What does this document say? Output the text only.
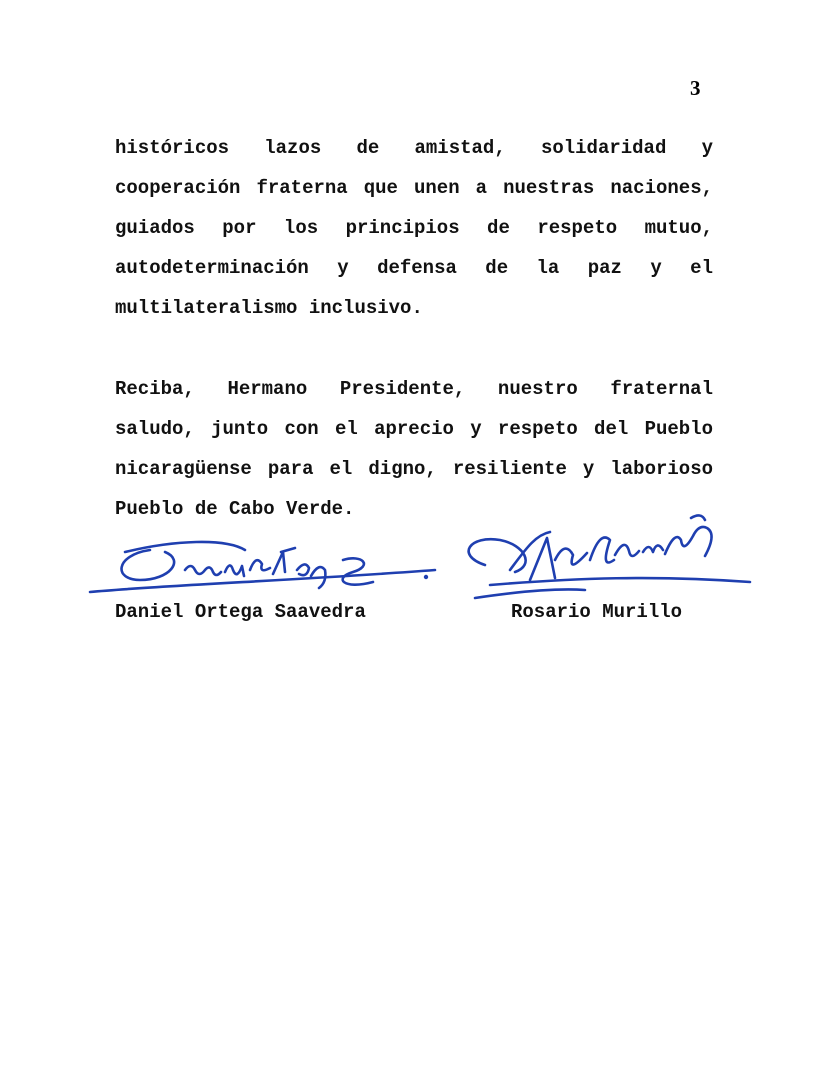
3

históricos lazos de amistad, solidaridad y cooperación fraterna que unen a nuestras naciones, guiados por los principios de respeto mutuo, autodeterminación y defensa de la paz y el multilateralismo inclusivo.

Reciba, Hermano Presidente, nuestro fraternal saludo, junto con el aprecio y respeto del Pueblo nicaragüense para el digno, resiliente y laborioso Pueblo de Cabo Verde.

Daniel Ortega Saavedra	Rosario Murillo
